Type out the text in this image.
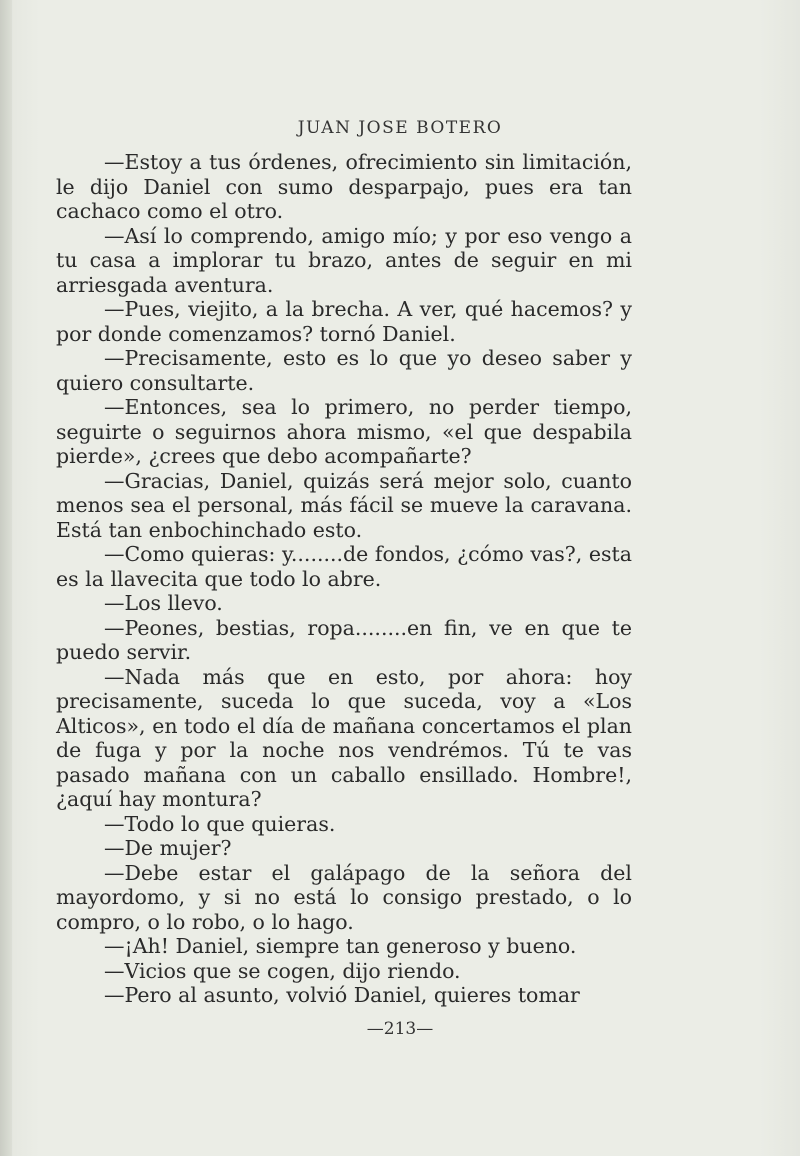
JUAN JOSE BOTERO

—Estoy a tus órdenes, ofrecimiento sin limitación, le dijo Daniel con sumo desparpajo, pues era tan cachaco como el otro.

—Así lo comprendo, amigo mío; y por eso vengo a tu casa a implorar tu brazo, antes de seguir en mi arriesgada aventura.

—Pues, viejito, a la brecha. A ver, qué hacemos? y por donde comenzamos? tornó Daniel.

—Precisamente, esto es lo que yo deseo saber y quiero consultarte.

—Entonces, sea lo primero, no perder tiempo, seguirte o seguirnos ahora mismo, «el que despabila pierde», ¿crees que debo acompañarte?

—Gracias, Daniel, quizás será mejor solo, cuanto menos sea el personal, más fácil se mueve la caravana. Está tan enbochinchado esto.

—Como quieras: y........de fondos, ¿cómo vas?, esta es la llavecita que todo lo abre.

—Los llevo.

—Peones, bestias, ropa........en fin, ve en que te puedo servir.

—Nada más que en esto, por ahora: hoy precisamente, suceda lo que suceda, voy a «Los Alticos», en todo el día de mañana concertamos el plan de fuga y por la noche nos vendrémos. Tú te vas pasado mañana con un caballo ensillado. Hombre!, ¿aquí hay montura?

—Todo lo que quieras.

—De mujer?

—Debe estar el galápago de la señora del mayordomo, y si no está lo consigo prestado, o lo compro, o lo robo, o lo hago.

—¡Ah! Daniel, siempre tan generoso y bueno.

—Vicios que se cogen, dijo riendo.

—Pero al asunto, volvió Daniel, quieres tomar

—213—
